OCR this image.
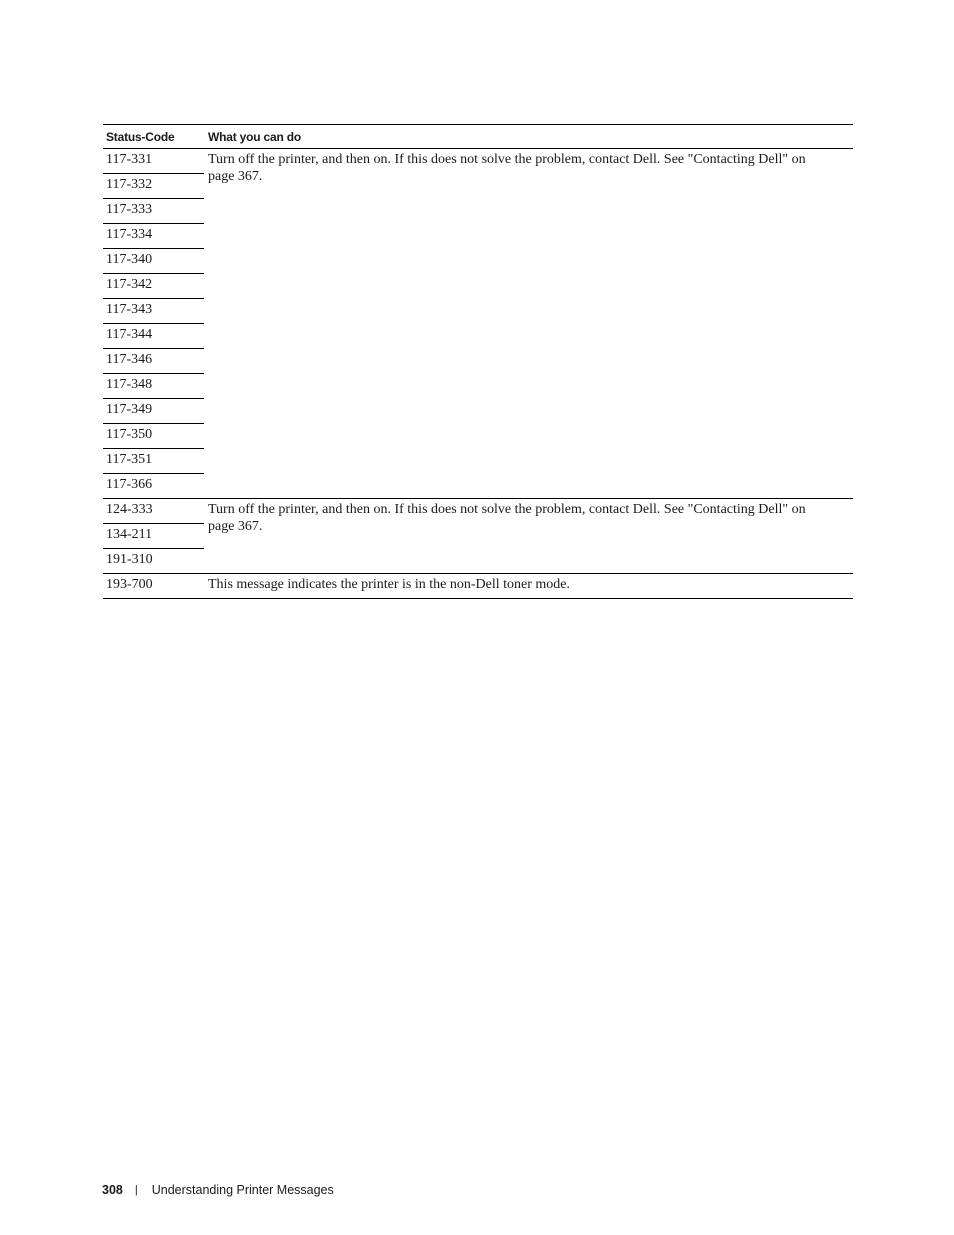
Status-Code	What you can do
117-331	Turn off the printer, and then on. If this does not solve the problem, contact Dell. See "Contacting Dell" on page 367.
117-332	
117-333	
117-334	
117-340	
117-342	
117-343	
117-344	
117-346	
117-348	
117-349	
117-350	
117-351	
117-366	
124-333	Turn off the printer, and then on. If this does not solve the problem, contact Dell. See "Contacting Dell" on page 367.
134-211	
191-310	
193-700	This message indicates the printer is in the non-Dell toner mode.
308 | Understanding Printer Messages
